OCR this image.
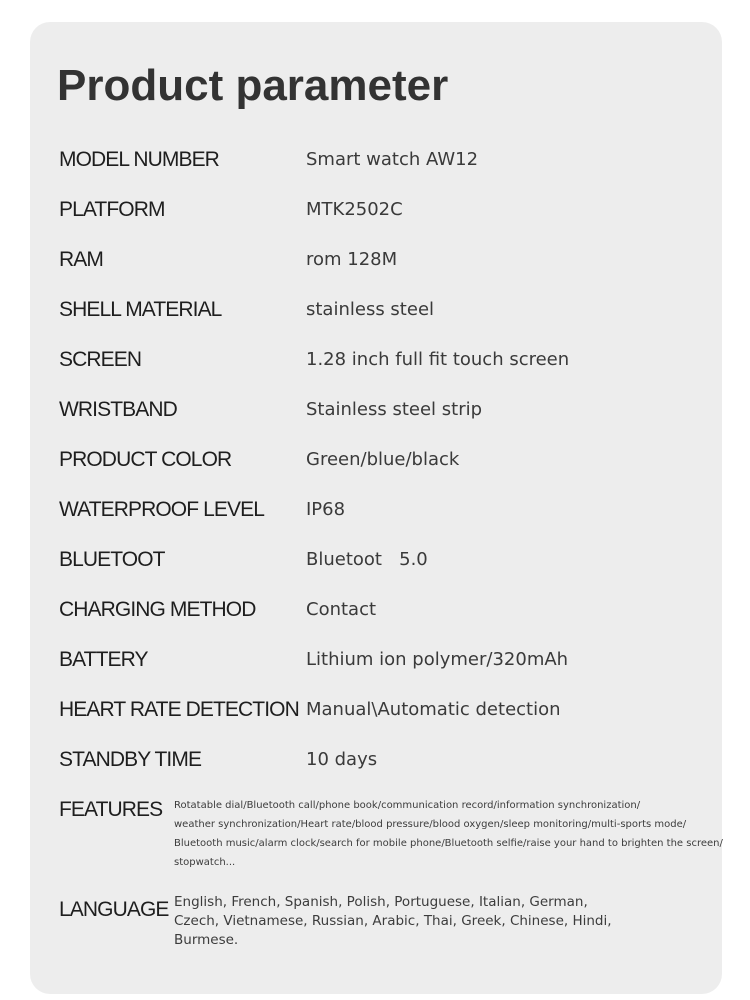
Product parameter
MODEL NUMBER	Smart watch AW12
PLATFORM	MTK2502C
RAM	rom 128M
SHELL MATERIAL	stainless steel
SCREEN	1.28 inch full fit touch screen
WRISTBAND	Stainless steel strip
PRODUCT COLOR	Green/blue/black
WATERPROOF LEVEL IP68
BLUETOOT	Bluetoot   5.0
CHARGING METHOD	Contact
BATTERY	Lithium ion polymer/320mAh
HEART RATE DETECTION Manual\Automatic detection
STANDBY TIME	10 days
FEATURES Rotatable dial/Bluetooth call/phone book/communication record/information synchronization/
weather synchronization/Heart rate/blood pressure/blood oxygen/sleep monitoring/multi-sports mode/
Bluetooth music/alarm clock/search for mobile phone/Bluetooth selfie/raise your hand to brighten the screen/
stopwatch...
LANGUAGE English, French, Spanish, Polish, Portuguese, Italian, German,
Czech, Vietnamese, Russian, Arabic, Thai, Greek, Chinese, Hindi,
Burmese.
